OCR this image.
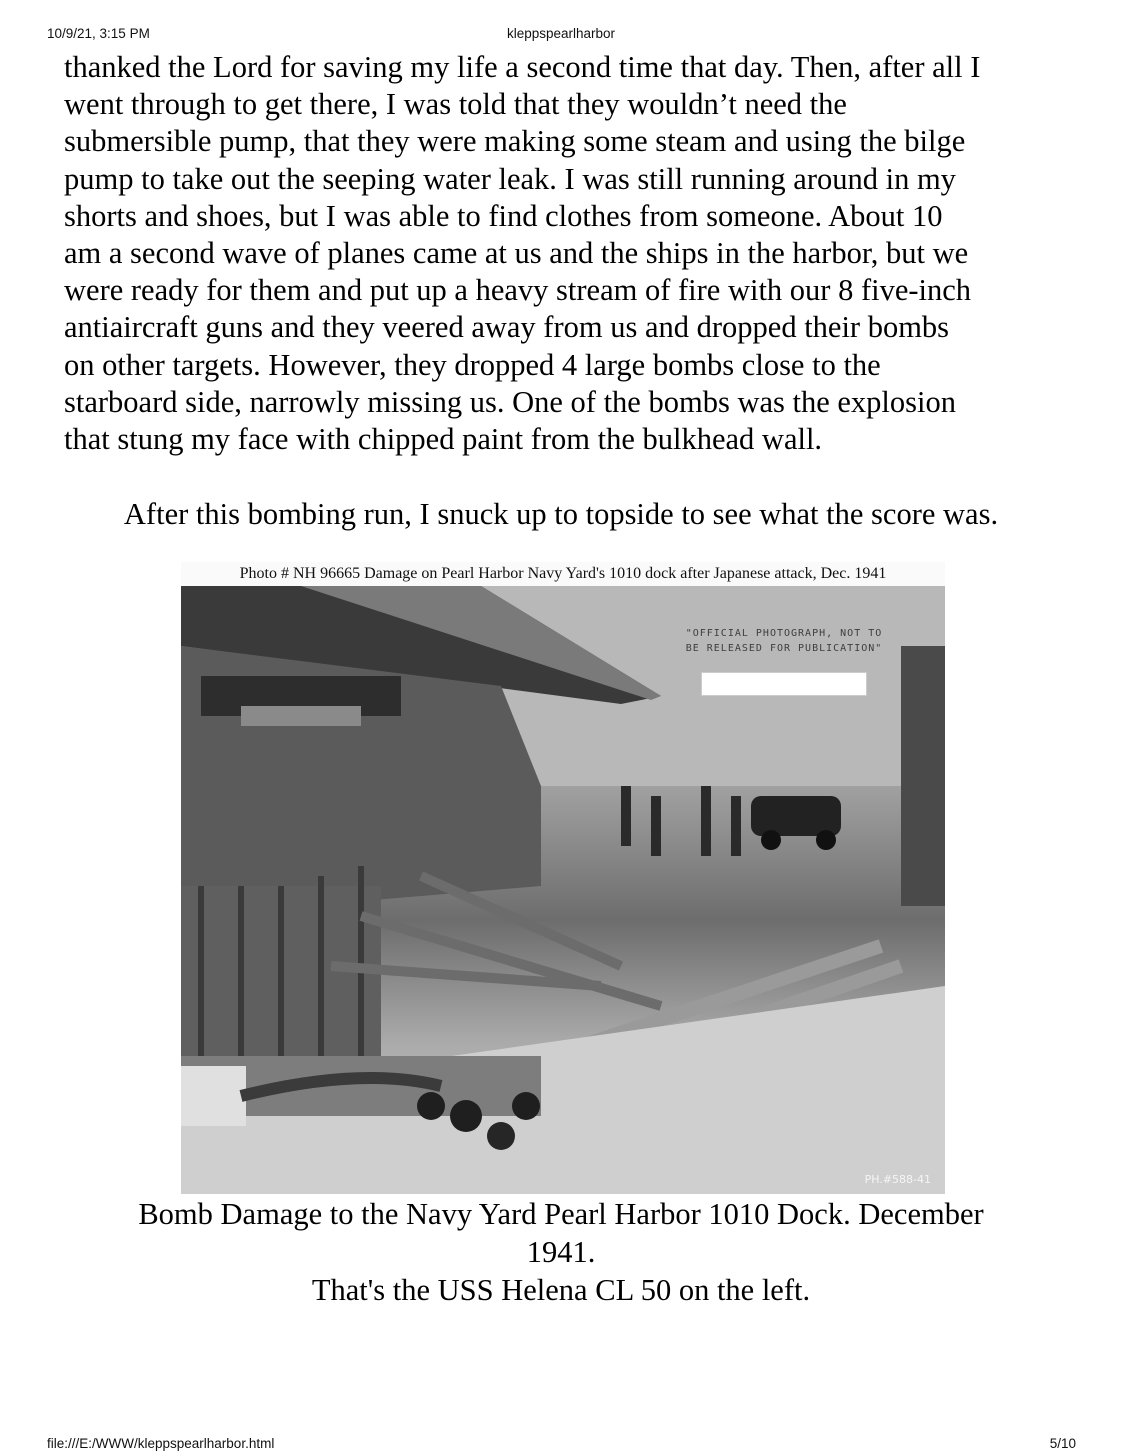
10/9/21, 3:15 PM	kleppspearlharbor

thanked the Lord for saving my life a second time that day. Then, after all I

went through to get there, I was told that they wouldn’t need the

submersible pump, that they were making some steam and using the bilge

pump to take out the seeping water leak. I was still running around in my

shorts and shoes, but I was able to find clothes from someone. About 10

am a second wave of planes came at us and the ships in the harbor, but we

were ready for them and put up a heavy stream of fire with our 8 five-inch

antiaircraft guns and they veered away from us and dropped their bombs

on other targets. However, they dropped 4 large bombs close to the

starboard side, narrowly missing us. One of the bombs was the explosion

that stung my face with chipped paint from the bulkhead wall.

After this bombing run, I snuck up to topside to see what the score was.
Photo # NH 96665 Damage on Pearl Harbor Navy Yard's 1010 dock after Japanese attack, Dec. 1941
"OFFICIAL PHOTOGRAPH, NOT TO
BE RELEASED FOR PUBLICATION"
PH.#588-41

Bomb Damage to the Navy Yard Pearl Harbor 1010 Dock. December

1941.

That's the USS Helena CL 50 on the left.

file:///E:/WWW/kleppspearlharbor.html	5/10
